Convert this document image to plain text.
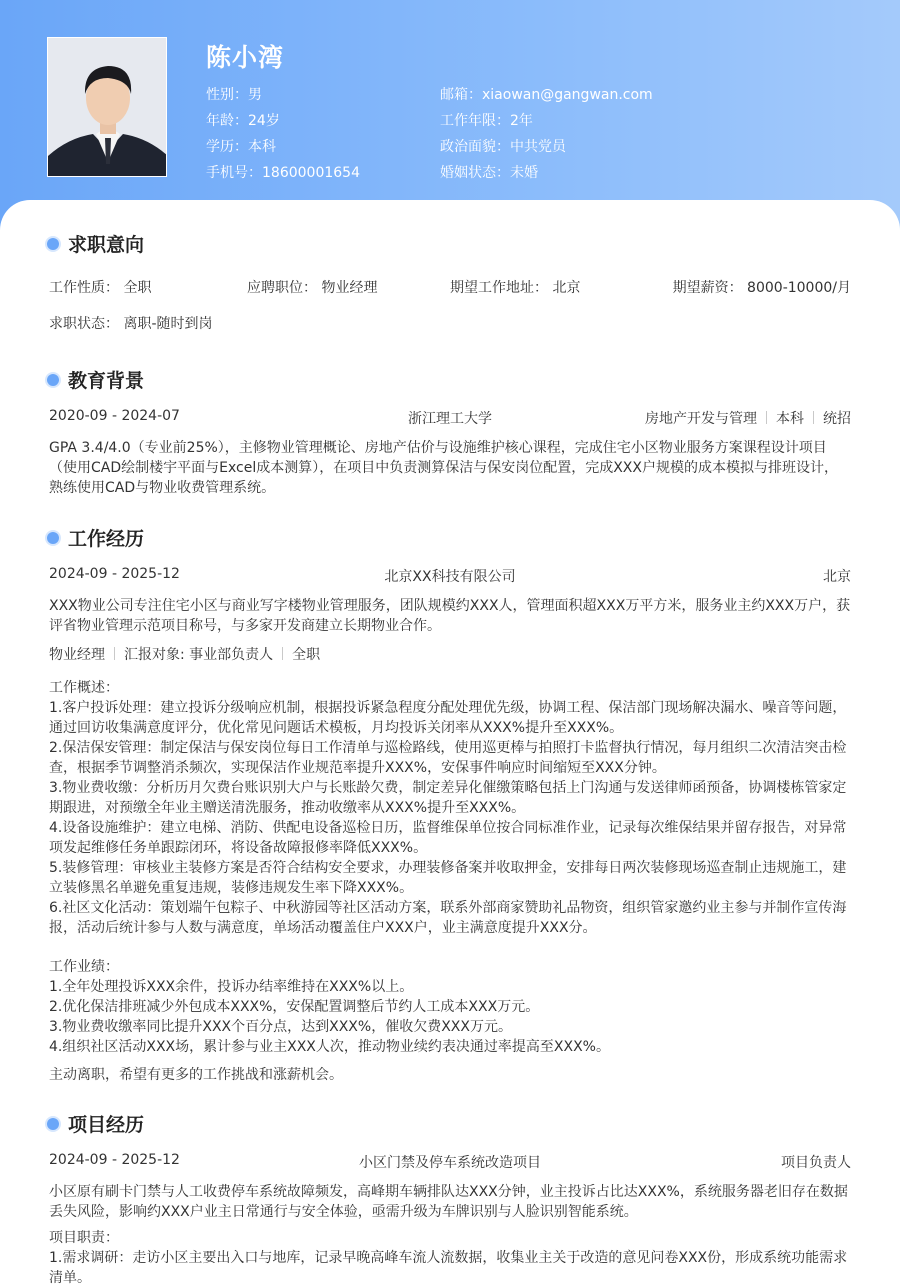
陈小湾
性别：男
年龄：24岁
学历：本科
手机号：18600001654
邮箱：xiaowan@gangwan.com
工作年限：2年
政治面貌：中共党员
婚姻状态：未婚
求职意向
工作性质： 全职	应聘职位： 物业经理	期望工作地址： 北京	期望薪资： 8000-10000/月
求职状态： 离职-随时到岗
教育背景
2020-09 - 2024-07	浙江理工大学	房地产开发与管理 本科 统招
GPA 3.4/4.0（专业前25%），主修物业管理概论、房地产估价与设施维护核心课程，完成住宅小区物业服务方案课程设计项目（使用CAD绘制楼宇平面与Excel成本测算），在项目中负责测算保洁与保安岗位配置，完成XXX户规模的成本模拟与排班设计，熟练使用CAD与物业收费管理系统。
工作经历
2024-09 - 2025-12	北京XX科技有限公司	北京
XXX物业公司专注住宅小区与商业写字楼物业管理服务，团队规模约XXX人，管理面积超XXX万平方米，服务业主约XXX万户，获评省物业管理示范项目称号，与多家开发商建立长期物业合作。
物业经理 汇报对象: 事业部负责人 全职
工作概述：
1.客户投诉处理：建立投诉分级响应机制，根据投诉紧急程度分配处理优先级，协调工程、保洁部门现场解决漏水、噪音等问题，通过回访收集满意度评分，优化常见问题话术模板，月均投诉关闭率从XXX%提升至XXX%。
2.保洁保安管理：制定保洁与保安岗位每日工作清单与巡检路线，使用巡更棒与拍照打卡监督执行情况，每月组织二次清洁突击检查，根据季节调整消杀频次，实现保洁作业规范率提升XXX%，安保事件响应时间缩短至XXX分钟。
3.物业费收缴：分析历月欠费台账识别大户与长账龄欠费，制定差异化催缴策略包括上门沟通与发送律师函预备，协调楼栋管家定期跟进，对预缴全年业主赠送清洗服务，推动收缴率从XXX%提升至XXX%。
4.设备设施维护：建立电梯、消防、供配电设备巡检日历，监督维保单位按合同标准作业，记录每次维保结果并留存报告，对异常项发起维修任务单跟踪闭环，将设备故障报修率降低XXX%。
5.装修管理：审核业主装修方案是否符合结构安全要求，办理装修备案并收取押金，安排每日两次装修现场巡查制止违规施工，建立装修黑名单避免重复违规，装修违规发生率下降XXX%。
6.社区文化活动：策划端午包粽子、中秋游园等社区活动方案，联系外部商家赞助礼品物资，组织管家邀约业主参与并制作宣传海报，活动后统计参与人数与满意度，单场活动覆盖住户XXX户，业主满意度提升XXX分。
工作业绩：
1.全年处理投诉XXX余件，投诉办结率维持在XXX%以上。
2.优化保洁排班减少外包成本XXX%，安保配置调整后节约人工成本XXX万元。
3.物业费收缴率同比提升XXX个百分点，达到XXX%，催收欠费XXX万元。
4.组织社区活动XXX场，累计参与业主XXX人次，推动物业续约表决通过率提高至XXX%。
主动离职，希望有更多的工作挑战和涨薪机会。
项目经历
2024-09 - 2025-12	小区门禁及停车系统改造项目	项目负责人
小区原有刷卡门禁与人工收费停车系统故障频发，高峰期车辆排队达XXX分钟，业主投诉占比达XXX%，系统服务器老旧存在数据丢失风险，影响约XXX户业主日常通行与安全体验，亟需升级为车牌识别与人脸识别智能系统。
项目职责：
1.需求调研：走访小区主要出入口与地库，记录早晚高峰车流人流数据，收集业主关于改造的意见问卷XXX份，形成系统功能需求清单。
